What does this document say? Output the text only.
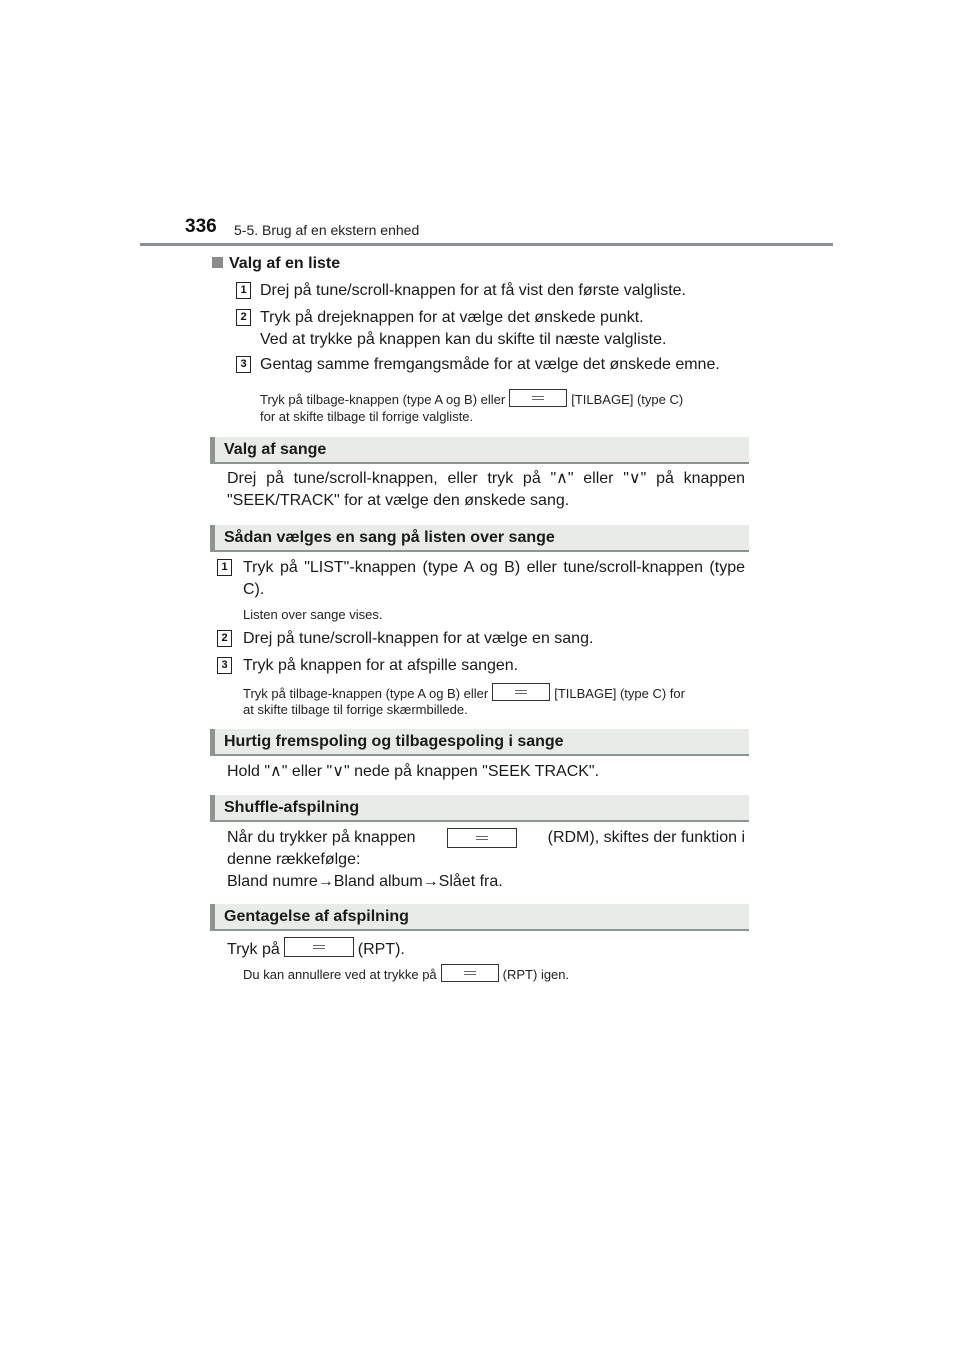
336 5-5. Brug af en ekstern enhed
Valg af en liste
1 Drej på tune/scroll-knappen for at få vist den første valgliste.
2 Tryk på drejeknappen for at vælge det ønskede punkt.
Ved at trykke på knappen kan du skifte til næste valgliste.
3 Gentag samme fremgangsmåde for at vælge det ønskede emne.
Tryk på tilbage-knappen (type A og B) eller	[TILBAGE] (type C)
for at skifte tilbage til forrige valgliste.
Valg af sange
Drej på tune/scroll-knappen, eller tryk på "∧" eller "∨" på knappen "SEEK/TRACK" for at vælge den ønskede sang.
Sådan vælges en sang på listen over sange
1 Tryk på "LIST"-knappen (type A og B) eller tune/scroll-knappen (type C).
Listen over sange vises.
2 Drej på tune/scroll-knappen for at vælge en sang.
3 Tryk på knappen for at afspille sangen.
Tryk på tilbage-knappen (type A og B) eller	[TILBAGE] (type C) for
at skifte tilbage til forrige skærmbillede.
Hurtig fremspoling og tilbagespoling i sange
Hold "∧" eller "∨" nede på knappen "SEEK TRACK".
Shuffle-afspilning
Når du trykker på knappen	(RDM), skiftes der funktion i
denne rækkefølge:
Bland numre→Bland album→Slået fra.
Gentagelse af afspilning
Tryk på	(RPT).
Du kan annullere ved at trykke på	(RPT) igen.
